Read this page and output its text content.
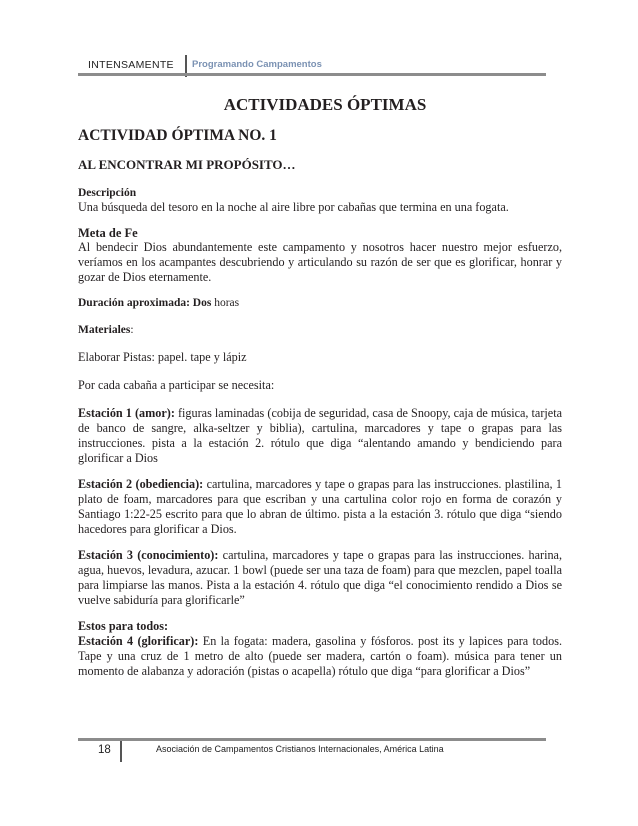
INTENSAMENTE Programando Campamentos
ACTIVIDADES ÓPTIMAS
ACTIVIDAD ÓPTIMA NO. 1
AL ENCONTRAR MI PROPÓSITO…
Descripción

Una búsqueda del tesoro en la noche al aire libre por cabañas que termina en una fogata.

Meta de Fe

Al bendecir Dios abundantemente este campamento y nosotros hacer nuestro mejor esfuerzo, veríamos en los acampantes descubriendo y articulando su razón de ser que es glorificar, honrar y gozar de Dios eternamente.

Duración aproximada: Dos horas

Materiales:

Elaborar Pistas: papel. tape y lápiz

Por cada cabaña a participar se necesita:

Estación 1 (amor): figuras laminadas (cobija de seguridad, casa de Snoopy, caja de música, tarjeta de banco de sangre, alka-seltzer y biblia), cartulina, marcadores y tape o grapas para las instrucciones. pista a la estación 2. rótulo que diga “alentando amando y bendiciendo para glorificar a Dios

Estación 2 (obediencia): cartulina, marcadores y tape o grapas para las instrucciones. plastilina, 1 plato de foam, marcadores para que escriban y una cartulina color rojo en forma de corazón y Santiago 1:22-25 escrito para que lo abran de último. pista a la estación 3. rótulo que diga “siendo hacedores para glorificar a Dios.

Estación 3 (conocimiento): cartulina, marcadores y tape o grapas para las instrucciones. harina, agua, huevos, levadura, azucar. 1 bowl (puede ser una taza de foam) para que mezclen, papel toalla para limpiarse las manos. Pista a la estación 4. rótulo que diga “el conocimiento rendido a Dios se vuelve sabiduría para glorificarle”

Estos para todos:

Estación 4 (glorificar): En la fogata: madera, gasolina y fósforos. post its y lapices para todos. Tape y una cruz de 1 metro de alto (puede ser madera, cartón o foam). música para tener un momento de alabanza y adoración (pistas o acapella) rótulo que diga “para glorificar a Dios”

18	Asociación de Campamentos Cristianos Internacionales, América Latina
